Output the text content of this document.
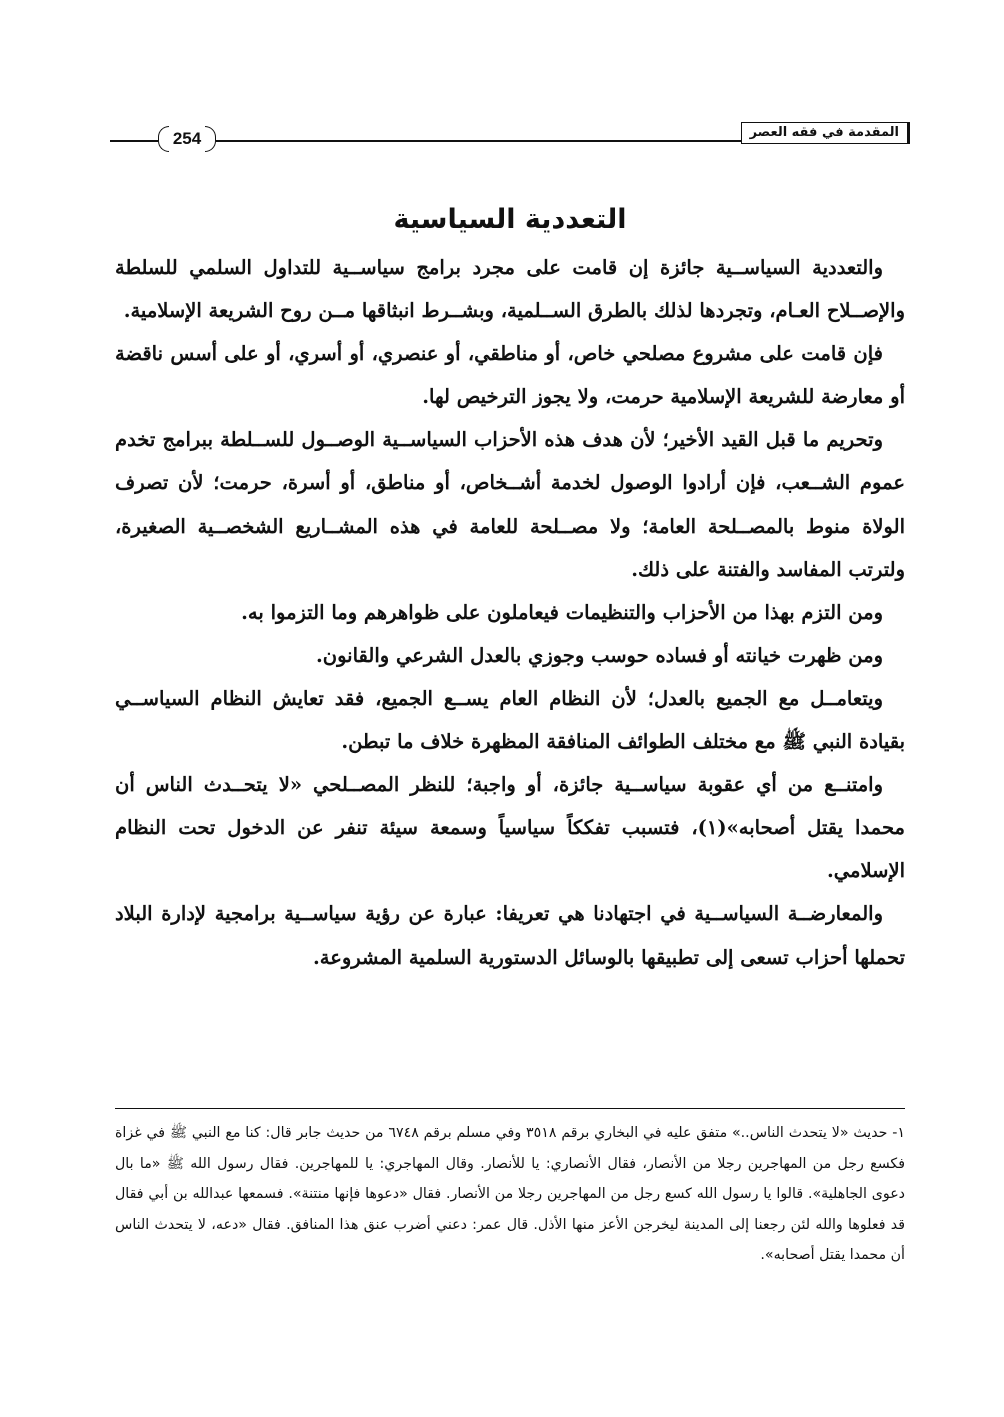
المقدمة في فقه العصر
254
التعددية السياسية

والتعددية السياســية جائزة إن قامت على مجرد برامج سياســية للتداول السلمي للسلطة والإصــلاح العـام، وتجردها لذلك بالطرق الســلمية، وبشــرط انبثاقها مــن روح الشريعة الإسلامية.

فإن قامت على مشروع مصلحي خاص، أو مناطقي، أو عنصري، أو أسري، أو على أسس ناقضة أو معارضة للشريعة الإسلامية حرمت، ولا يجوز الترخيص لها.

وتحريم ما قبل القيد الأخير؛ لأن هدف هذه الأحزاب السياســية الوصــول للســلطة ببرامج تخدم عموم الشــعب، فإن أرادوا الوصول لخدمة أشــخاص، أو مناطق، أو أسرة، حرمت؛ لأن تصرف الولاة منوط بالمصــلحة العامة؛ ولا مصــلحة للعامة في هذه المشــاريع الشخصــية الصغيرة، ولترتب المفاسد والفتنة على ذلك.

ومن التزم بهذا من الأحزاب والتنظيمات فيعاملون على ظواهرهم وما التزموا به.

ومن ظهرت خيانته أو فساده حوسب وجوزي بالعدل الشرعي والقانون.

ويتعامــل مع الجميع بالعدل؛ لأن النظام العام يســع الجميع، فقد تعايش النظام السياســي بقيادة النبي ﷺ مع مختلف الطوائف المنافقة المظهرة خلاف ما تبطن.

وامتنــع من أي عقوبة سياســية جائزة، أو واجبة؛ للنظر المصــلحي «لا يتحــدث الناس أن محمدا يقتل أصحابه»(١)، فتسبب تفككاً سياسياً وسمعة سيئة تنفر عن الدخول تحت النظام الإسلامي.

والمعارضــة السياســية في اجتهادنا هي تعريفا: عبارة عن رؤية سياســية برامجية لإدارة البلاد تحملها أحزاب تسعى إلى تطبيقها بالوسائل الدستورية السلمية المشروعة.

١- حديث «لا يتحدث الناس..» متفق عليه في البخاري برقم ٣٥١٨ وفي مسلم برقم ٦٧٤٨ من حديث جابر قال: كنا مع النبي ﷺ في غزاة فكسع رجل من المهاجرين رجلا من الأنصار، فقال الأنصاري: يا للأنصار. وقال المهاجري: يا للمهاجرين. فقال رسول الله ﷺ «ما بال دعوى الجاهلية». قالوا يا رسول الله كسع رجل من المهاجرين رجلا من الأنصار. فقال «دعوها فإنها منتنة». فسمعها عبدالله بن أبي فقال قد فعلوها والله لئن رجعنا إلى المدينة ليخرجن الأعز منها الأذل. قال عمر: دعني أضرب عنق هذا المنافق. فقال «دعه، لا يتحدث الناس أن محمدا يقتل أصحابه».
